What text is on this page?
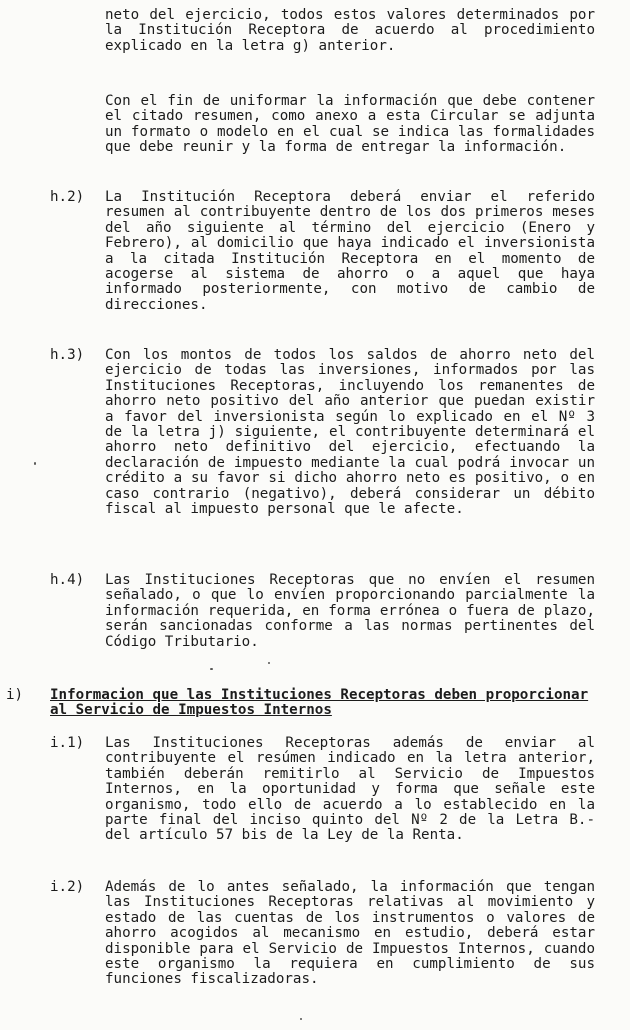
neto del ejercicio, todos estos valores determinados por la Institución Receptora de acuerdo al procedimiento explicado en la letra g) anterior.

Con el fin de uniformar la información que debe contener el citado resumen, como anexo a esta Circular se adjunta un formato o modelo en el cual se indica las formalidades que debe reunir y la forma de entregar la información.

h.2) La Institución Receptora deberá enviar el referido resumen al contribuyente dentro de los dos primeros meses del año siguiente al término del ejercicio (Enero y Febrero), al domicilio que haya indicado el inversionista a la citada Institución Receptora en el momento de acogerse al sistema de ahorro o a aquel que haya informado posteriormente, con motivo de cambio de direcciones.

h.3) Con los montos de todos los saldos de ahorro neto del ejercicio de todas las inversiones, informados por las Instituciones Receptoras, incluyendo los remanentes de ahorro neto positivo del año anterior que puedan existir a favor del inversionista según lo explicado en el Nº 3 de la letra j) siguiente, el contribuyente determinará el ahorro neto definitivo del ejercicio, efectuando la declaración de impuesto mediante la cual podrá invocar un crédito a su favor si dicho ahorro neto es positivo, o en caso contrario (negativo), deberá considerar un débito fiscal al impuesto personal que le afecte.

h.4) Las Instituciones Receptoras que no envíen el resumen señalado, o que lo envíen proporcionando parcialmente la información requerida, en forma errónea o fuera de plazo, serán sancionadas conforme a las normas pertinentes del Código Tributario.

i) Informacion que las Instituciones Receptoras deben proporcionar al Servicio de Impuestos Internos

i.1) Las Instituciones Receptoras además de enviar al contribuyente el resúmen indicado en la letra anterior, también deberán remitirlo al Servicio de Impuestos Internos, en la oportunidad y forma que señale este organismo, todo ello de acuerdo a lo establecido en la parte final del inciso quinto del Nº 2 de la Letra B.- del artículo 57 bis de la Ley de la Renta.

i.2) Además de lo antes señalado, la información que tengan las Instituciones Receptoras relativas al movimiento y estado de las cuentas de los instrumentos o valores de ahorro acogidos al mecanismo en estudio, deberá estar disponible para el Servicio de Impuestos Internos, cuando este organismo la requiera en cumplimiento de sus funciones fiscalizadoras.
